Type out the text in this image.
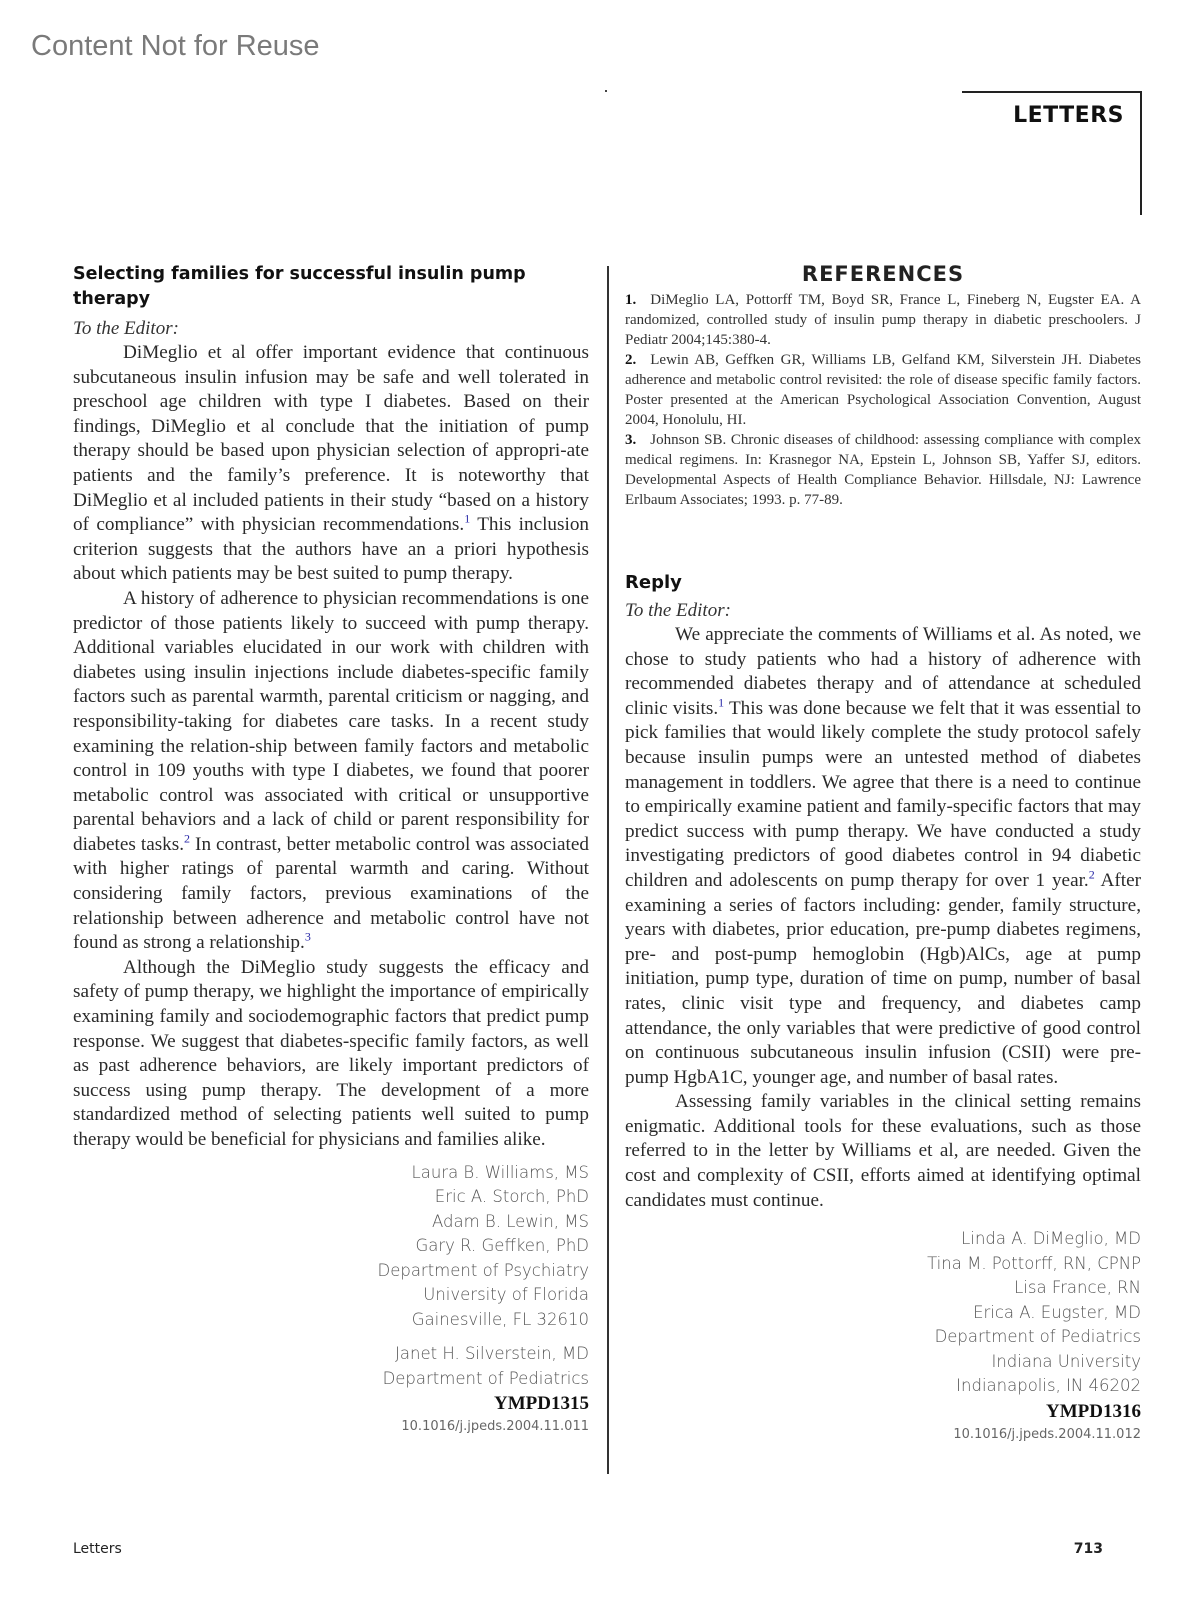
Content Not for Reuse
LETTERS
Selecting families for successful insulin pump therapy

To the Editor:

DiMeglio et al offer important evidence that continuous subcutaneous insulin infusion may be safe and well tolerated in preschool age children with type I diabetes. Based on their findings, DiMeglio et al conclude that the initiation of pump therapy should be based upon physician selection of appropri-ate patients and the family’s preference. It is noteworthy that DiMeglio et al included patients in their study “based on a history of compliance” with physician recommendations.$^1$ This inclusion criterion suggests that the authors have an a priori hypothesis about which patients may be best suited to pump therapy.

A history of adherence to physician recommendations is one predictor of those patients likely to succeed with pump therapy. Additional variables elucidated in our work with children with diabetes using insulin injections include diabetes-specific family factors such as parental warmth, parental criticism or nagging, and responsibility-taking for diabetes care tasks. In a recent study examining the relation-ship between family factors and metabolic control in 109 youths with type I diabetes, we found that poorer metabolic control was associated with critical or unsupportive parental behaviors and a lack of child or parent responsibility for diabetes tasks.$^2$ In contrast, better metabolic control was associated with higher ratings of parental warmth and caring. Without considering family factors, previous examinations of the relationship between adherence and metabolic control have not found as strong a relationship.$^3$

Although the DiMeglio study suggests the efficacy and safety of pump therapy, we highlight the importance of empirically examining family and sociodemographic factors that predict pump response. We suggest that diabetes-specific family factors, as well as past adherence behaviors, are likely important predictors of success using pump therapy. The development of a more standardized method of selecting patients well suited to pump therapy would be beneficial for physicians and families alike.

Laura B. Williams, MS
Eric A. Storch, PhD
Adam B. Lewin, MS
Gary R. Geffken, PhD
Department of Psychiatry
University of Florida
Gainesville, FL 32610
Janet H. Silverstein, MD
Department of Pediatrics
YMPD1315
10.1016/j.jpeds.2004.11.011
REFERENCES

1. DiMeglio LA, Pottorff TM, Boyd SR, France L, Fineberg N, Eugster EA. A randomized, controlled study of insulin pump therapy in diabetic preschoolers. J Pediatr 2004;145:380-4.

2. Lewin AB, Geffken GR, Williams LB, Gelfand KM, Silverstein JH. Diabetes adherence and metabolic control revisited: the role of disease specific family factors. Poster presented at the American Psychological Association Convention, August 2004, Honolulu, HI.

3. Johnson SB. Chronic diseases of childhood: assessing compliance with complex medical regimens. In: Krasnegor NA, Epstein L, Johnson SB, Yaffer SJ, editors. Developmental Aspects of Health Compliance Behavior. Hillsdale, NJ: Lawrence Erlbaum Associates; 1993. p. 77-89.

Reply

To the Editor:

We appreciate the comments of Williams et al. As noted, we chose to study patients who had a history of adherence with recommended diabetes therapy and of attendance at scheduled clinic visits.$^1$ This was done because we felt that it was essential to pick families that would likely complete the study protocol safely because insulin pumps were an untested method of diabetes management in toddlers. We agree that there is a need to continue to empirically examine patient and family-specific factors that may predict success with pump therapy. We have conducted a study investigating predictors of good diabetes control in 94 diabetic children and adolescents on pump therapy for over 1 year.$^2$ After examining a series of factors including: gender, family structure, years with diabetes, prior education, pre-pump diabetes regimens, pre- and post-pump hemoglobin (Hgb)AlCs, age at pump initiation, pump type, duration of time on pump, number of basal rates, clinic visit type and frequency, and diabetes camp attendance, the only variables that were predictive of good control on continuous subcutaneous insulin infusion (CSII) were pre-pump HgbA1C, younger age, and number of basal rates.

Assessing family variables in the clinical setting remains enigmatic. Additional tools for these evaluations, such as those referred to in the letter by Williams et al, are needed. Given the cost and complexity of CSII, efforts aimed at identifying optimal candidates must continue.

Linda A. DiMeglio, MD
Tina M. Pottorff, RN, CPNP
Lisa France, RN
Erica A. Eugster, MD
Department of Pediatrics
Indiana University
Indianapolis, IN 46202
YMPD1316
10.1016/j.jpeds.2004.11.012
Letters	713
